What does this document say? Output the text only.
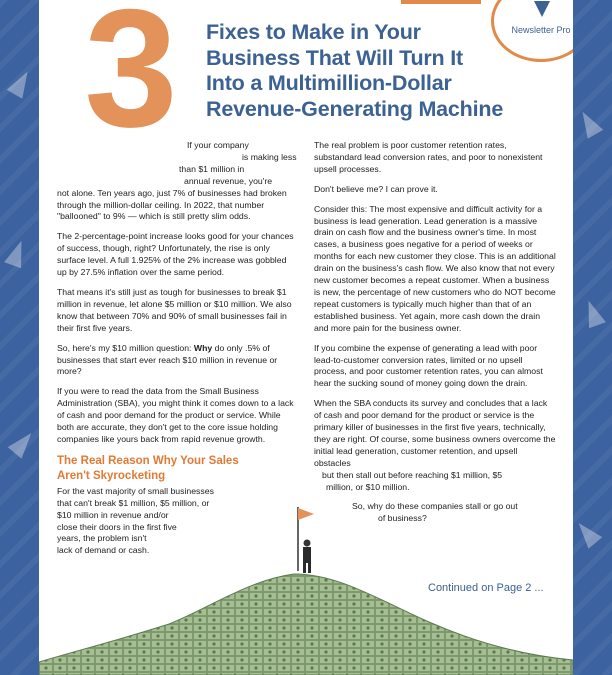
3 Fixes to Make in Your
Business That Will Turn It
Into a Multimillion-Dollar
Revenue-Generating Machine
Newsletter Pro
If your company
is making less
than $1 million in
annual revenue, you're

not alone. Ten years ago, just 7% of businesses had broken through the million-dollar ceiling. In 2022, that number "ballooned" to 9% — which is still pretty slim odds.

The 2-percentage-point increase looks good for your chances of success, though, right? Unfortunately, the rise is only surface level. A full 1.925% of the 2% increase was gobbled up by 27.5% inflation over the same period.

That means it's still just as tough for businesses to break $1 million in revenue, let alone $5 million or $10 million. We also know that between 70% and 90% of small businesses fail in their first five years.

So, here's my $10 million question: Why do only .5% of businesses that start ever reach $10 million in revenue or more?

If you were to read the data from the Small Business Administration (SBA), you might think it comes down to a lack of cash and poor demand for the product or service. While both are accurate, they don't get to the core issue holding companies like yours back from rapid revenue growth.

The Real Reason Why Your Sales
Aren't Skyrocketing
For the vast majority of small businesses
that can't break $1 million, $5 million, or
$10 million in revenue and/or
close their doors in the first five
years, the problem isn't
lack of demand or cash.

The real problem is poor customer retention rates, substandard lead conversion rates, and poor to nonexistent upsell processes.

Don't believe me? I can prove it.

Consider this: The most expensive and difficult activity for a business is lead generation. Lead generation is a massive drain on cash flow and the business owner's time. In most cases, a business goes negative for a period of weeks or months for each new customer they close. This is an additional drain on the business's cash flow. We also know that not every new customer becomes a repeat customer. When a business is new, the percentage of new customers who do NOT become repeat customers is typically much higher than that of an established business. Yet again, more cash down the drain and more pain for the business owner.

If you combine the expense of generating a lead with poor lead-to-customer conversion rates, limited or no upsell process, and poor customer retention rates, you can almost hear the sucking sound of money going down the drain.

When the SBA conducts its survey and concludes that a lack of cash and poor demand for the product or service is the primary killer of businesses in the first five years, technically, they are right. Of course, some business owners overcome the initial lead generation, customer retention, and upsell obstacles

but then stall out before reaching $1 million, $5
million, or $10 million.
So, why do these companies stall or go out
of business?
Continued on Page 2 ...
